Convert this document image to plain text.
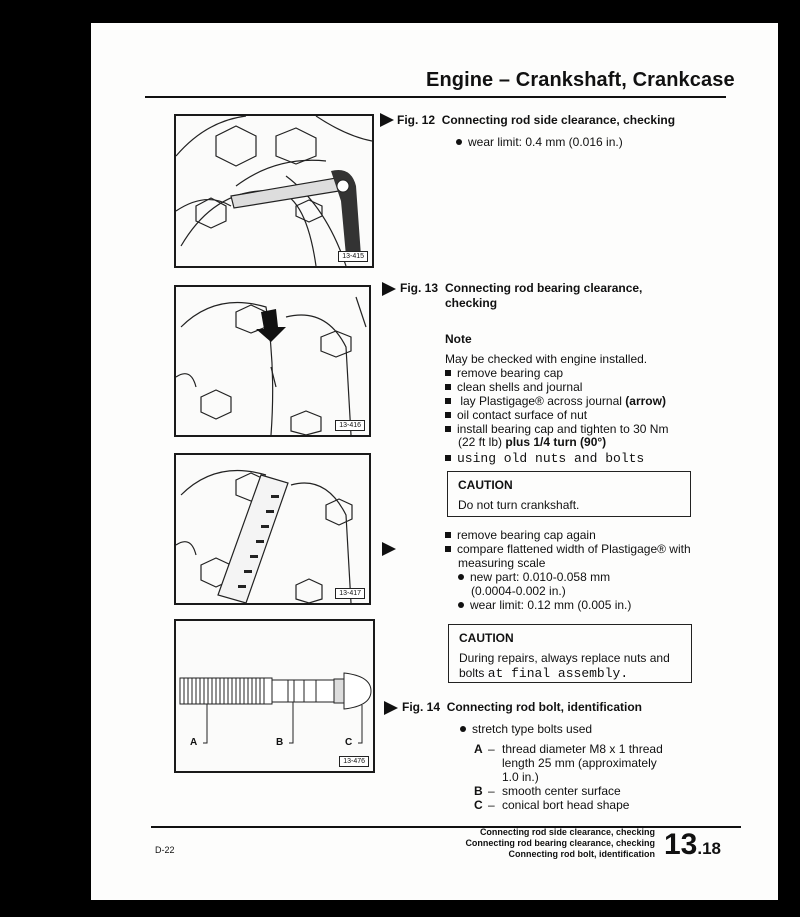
Engine – Crankshaft, Crankcase
13-415
13-416
13-417
A	B	C
13-476
Fig. 12 Connecting rod side clearance, checking
wear limit: 0.4 mm (0.016 in.)
Fig. 13 Connecting rod bearing clearance,
checking
Note
May be checked with engine installed.
remove bearing cap
clean shells and journal
lay Plastigage® across journal (arrow)
oil contact surface of nut
install bearing cap and tighten to 30 Nm
(22 ft lb) plus 1/4 turn (90°)
using old nuts and bolts
CAUTION
Do not turn crankshaft.
remove bearing cap again
compare flattened width of Plastigage® with
measuring scale
new part: 0.010-0.058 mm
(0.0004-0.002 in.)
wear limit: 0.12 mm (0.005 in.)
CAUTION
During repairs, always replace nuts and
bolts at final assembly.
Fig. 14 Connecting rod bolt, identification
stretch type bolts used
A – thread diameter M8 x 1 thread
length 25 mm (approximately
1.0 in.)
B – smooth center surface
C – conical bort head shape
D-22
Connecting rod side clearance, checking
Connecting rod bearing clearance, checking
Connecting rod bolt, identification 13.18
